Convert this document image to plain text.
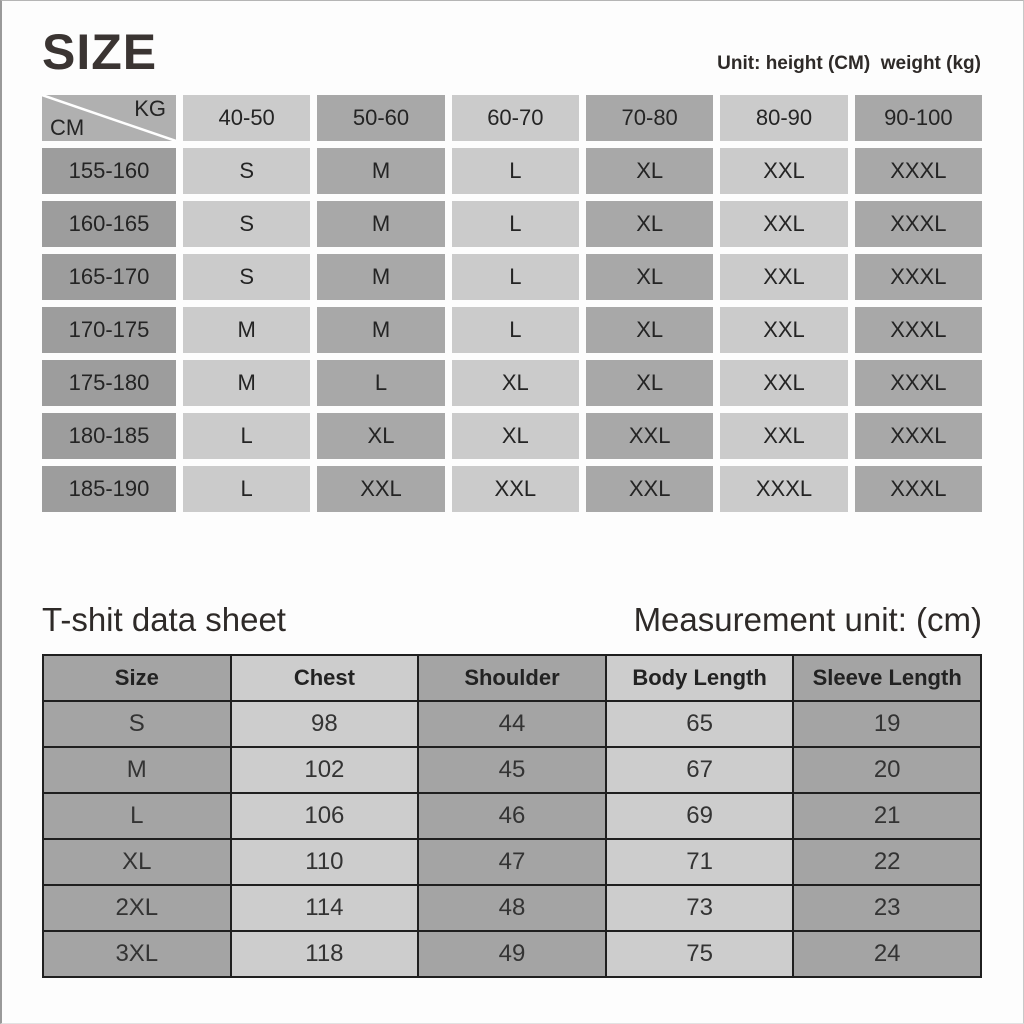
SIZE	Unit: height (CM)  weight (kg)
KG
CM	40-50	50-60	60-70	70-80	80-90	90-100
155-160	S	M	L	XL	XXL	XXXL
160-165	S	M	L	XL	XXL	XXXL
165-170	S	M	L	XL	XXL	XXXL
170-175	M	M	L	XL	XXL	XXXL
175-180	M	L	XL	XL	XXL	XXXL
180-185	L	XL	XL	XXL	XXL	XXXL
185-190	L	XXL	XXL	XXL	XXXL	XXXL
T-shit data sheet	Measurement unit: (cm)
Size	Chest	Shoulder	Body Length	Sleeve Length
S	98	44	65	19
M	102	45	67	20
L	106	46	69	21
XL	110	47	71	22
2XL	114	48	73	23
3XL	118	49	75	24
